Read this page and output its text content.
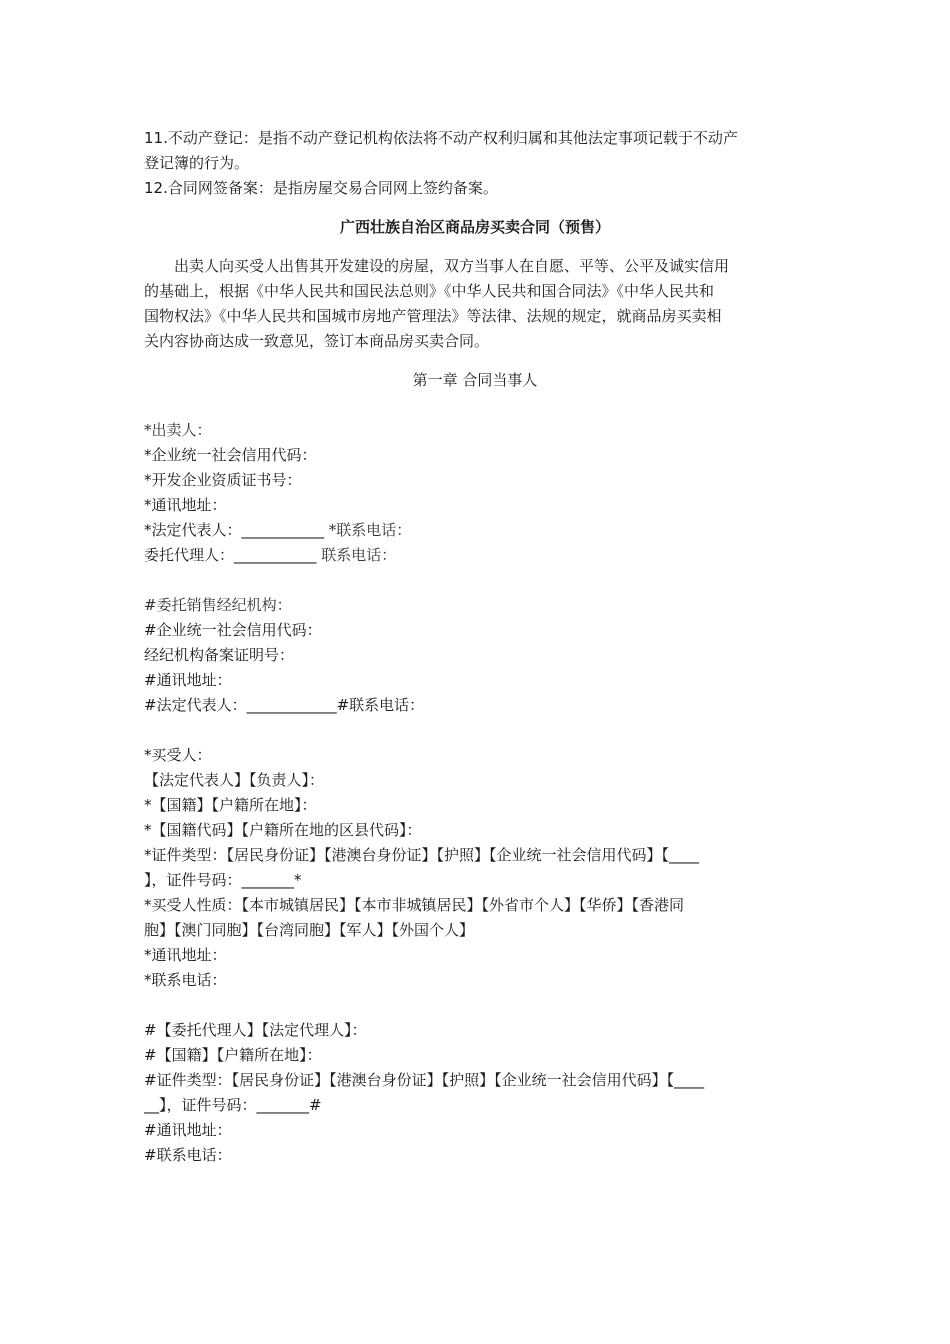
11.不动产登记：是指不动产登记机构依法将不动产权利归属和其他法定事项记载于不动产
登记簿的行为。
12.合同网签备案：是指房屋交易合同网上签约备案。
广西壮族自治区商品房买卖合同（预售）
出卖人向买受人出售其开发建设的房屋，双方当事人在自愿、平等、公平及诚实信用
的基础上，根据《中华人民共和国民法总则》《中华人民共和国合同法》《中华人民共和
国物权法》《中华人民共和国城市房地产管理法》等法律、法规的规定，就商品房买卖相
关内容协商达成一致意见，签订本商品房买卖合同。
第一章 合同当事人
*出卖人：
*企业统一社会信用代码：
*开发企业资质证书号：
*通讯地址：
*法定代表人：___________ *联系电话：
委托代理人：___________ 联系电话：
#委托销售经纪机构：
#企业统一社会信用代码：
经纪机构备案证明号：
#通讯地址：
#法定代表人：____________#联系电话：
*买受人：
【法定代表人】【负责人】：
*【国籍】【户籍所在地】：
*【国籍代码】【户籍所在地的区县代码】：
*证件类型：【居民身份证】【港澳台身份证】【护照】【企业统一社会信用代码】【____
】，证件号码：_______*
*买受人性质：【本市城镇居民】【本市非城镇居民】【外省市个人】【华侨】【香港同
胞】【澳门同胞】【台湾同胞】【军人】【外国个人】
*通讯地址：
*联系电话：
#【委托代理人】【法定代理人】：
#【国籍】【户籍所在地】：
#证件类型：【居民身份证】【港澳台身份证】【护照】【企业统一社会信用代码】【____
__】，证件号码：_______#
#通讯地址：
#联系电话：
